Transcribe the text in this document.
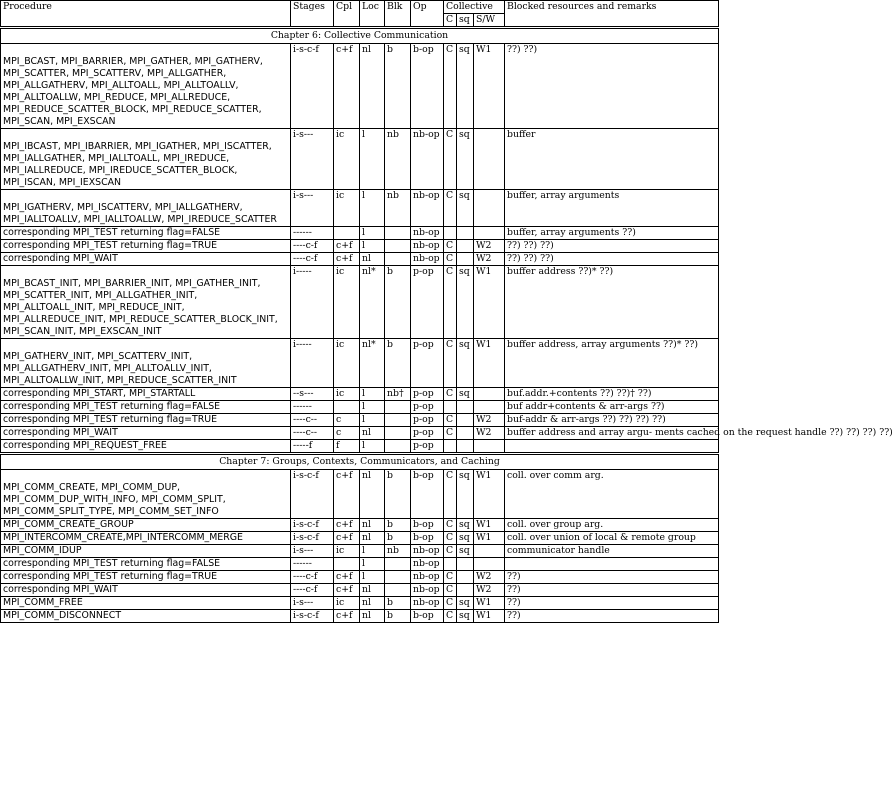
Procedure	Stages	Cpl	Loc	Blk	Op	Collective			Blocked resources and remarks
						C	sq	S/W	
Chapter 6: Collective Communication									
MPI_BCAST, MPI_BARRIER, MPI_GATHER, MPI_GATHERV, MPI_SCATTER, MPI_SCATTERV, MPI_ALLGATHER, MPI_ALLGATHERV, MPI_ALLTOALL, MPI_ALLTOALLV, MPI_ALLTOALLW, MPI_REDUCE, MPI_ALLREDUCE, MPI_REDUCE_SCATTER_BLOCK, MPI_REDUCE_SCATTER, MPI_SCAN, MPI_EXSCAN	i-s-c-f	c+f	nl	b	b-op	C	sq	W1	??) ??)
MPI_IBCAST, MPI_IBARRIER, MPI_IGATHER, MPI_ISCATTER, MPI_IALLGATHER, MPI_IALLTOALL, MPI_IREDUCE, MPI_IALLREDUCE, MPI_IREDUCE_SCATTER_BLOCK, MPI_ISCAN, MPI_IEXSCAN	i-s---	ic	l	nb	nb-op	C	sq		buffer
MPI_IGATHERV, MPI_ISCATTERV, MPI_IALLGATHERV, MPI_IALLTOALLV, MPI_IALLTOALLW, MPI_IREDUCE_SCATTER	i-s---	ic	l	nb	nb-op	C	sq		buffer, array arguments
corresponding MPI_TEST returning flag=FALSE	------		l		nb-op				buffer, array arguments ??)
corresponding MPI_TEST returning flag=TRUE	----c-f	c+f	l		nb-op	C		W2	??) ??) ??)
corresponding MPI_WAIT	----c-f	c+f	nl		nb-op	C		W2	??) ??) ??)
MPI_BCAST_INIT, MPI_BARRIER_INIT, MPI_GATHER_INIT, MPI_SCATTER_INIT, MPI_ALLGATHER_INIT, MPI_ALLTOALL_INIT, MPI_REDUCE_INIT, MPI_ALLREDUCE_INIT, MPI_REDUCE_SCATTER_BLOCK_INIT, MPI_SCAN_INIT, MPI_EXSCAN_INIT	i-----	ic	nl*	b	p-op	C	sq	W1	buffer address ??)* ??)
MPI_GATHERV_INIT, MPI_SCATTERV_INIT, MPI_ALLGATHERV_INIT, MPI_ALLTOALLV_INIT, MPI_ALLTOALLW_INIT, MPI_REDUCE_SCATTER_INIT	i-----	ic	nl*	b	p-op	C	sq	W1	buffer address, array arguments ??)* ??)
corresponding MPI_START, MPI_STARTALL	--s---	ic	l	nb†	p-op	C	sq		buf.addr.+contents ??) ??)† ??)
corresponding MPI_TEST returning flag=FALSE	------		l		p-op				buf addr+contents & arr-args ??)
corresponding MPI_TEST returning flag=TRUE	----c--	c	l		p-op	C		W2	buf-addr & arr-args ??) ??) ??) ??)
corresponding MPI_WAIT	----c--	c	nl		p-op	C		W2	buffer address and array argu- ments cached on the request handle ??) ??) ??) ??)
corresponding MPI_REQUEST_FREE	-----f	f	l		p-op				
Chapter 7: Groups, Contexts, Communicators, and Caching									
MPI_COMM_CREATE, MPI_COMM_DUP, MPI_COMM_DUP_WITH_INFO, MPI_COMM_SPLIT, MPI_COMM_SPLIT_TYPE, MPI_COMM_SET_INFO	i-s-c-f	c+f	nl	b	b-op	C	sq	W1	coll. over comm arg.
MPI_COMM_CREATE_GROUP	i-s-c-f	c+f	nl	b	b-op	C	sq	W1	coll. over group arg.
MPI_INTERCOMM_CREATE,MPI_INTERCOMM_MERGE	i-s-c-f	c+f	nl	b	b-op	C	sq	W1	coll. over union of local & remote group
MPI_COMM_IDUP	i-s---	ic	l	nb	nb-op	C	sq		communicator handle
corresponding MPI_TEST returning flag=FALSE	------		l		nb-op				
corresponding MPI_TEST returning flag=TRUE	----c-f	c+f	l		nb-op	C		W2	??)
corresponding MPI_WAIT	----c-f	c+f	nl		nb-op	C		W2	??)
MPI_COMM_FREE	i-s---	ic	nl	b	nb-op	C	sq	W1	??)
MPI_COMM_DISCONNECT	i-s-c-f	c+f	nl	b	b-op	C	sq	W1	??)
